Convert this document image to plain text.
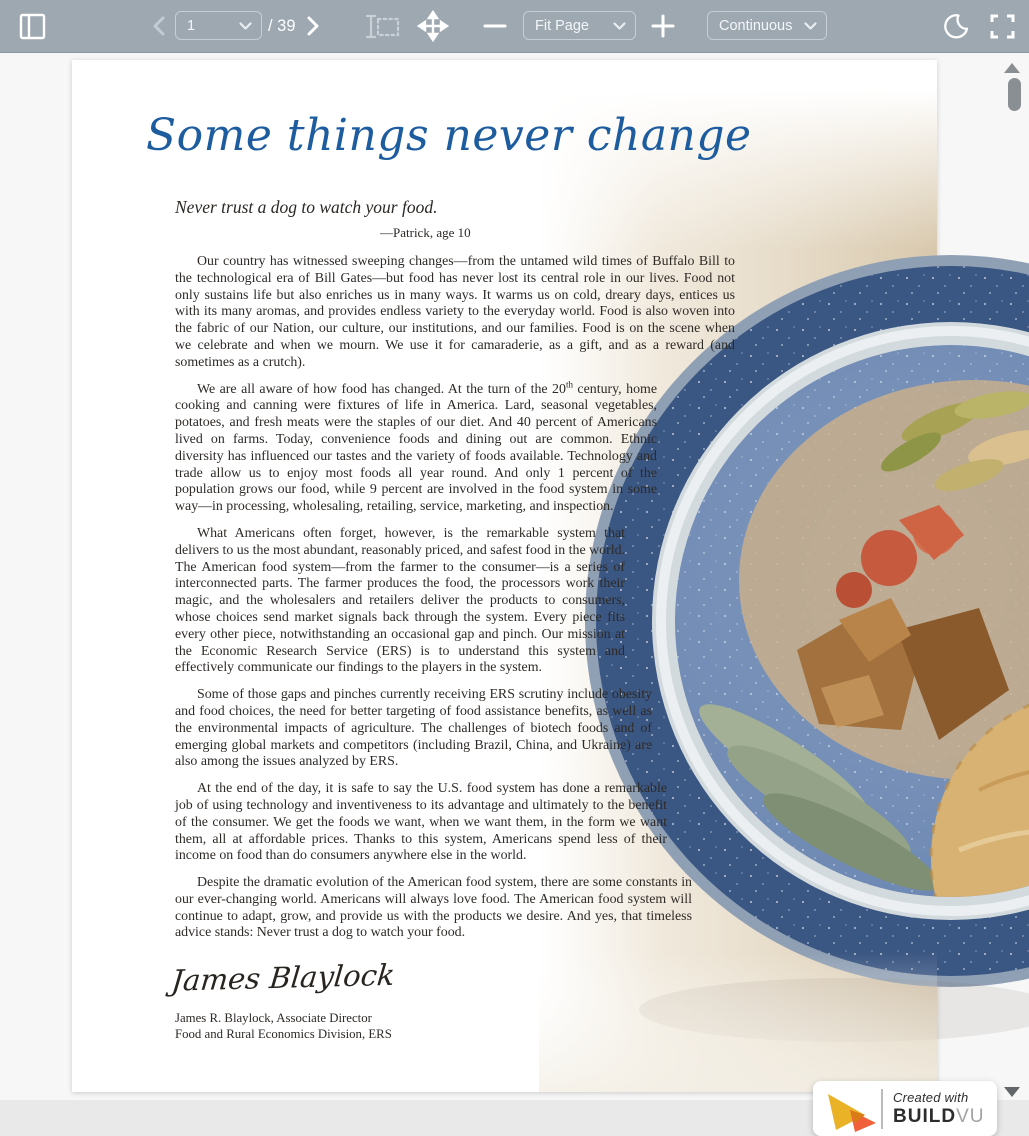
1	/ 39	Fit Page	Continuous
Some things never change
Never trust a dog to watch your food.
—Patrick, age 10

Our country has witnessed sweeping changes—from the untamed wild times of Buffalo Bill to the technological era of Bill Gates—but food has never lost its central role in our lives. Food not only sustains life but also enriches us in many ways. It warms us on cold, dreary days, entices us with its many aromas, and provides endless variety to the everyday world. Food is also woven into the fabric of our Nation, our culture, our institutions, and our families. Food is on the scene when we celebrate and when we mourn. We use it for camaraderie, as a gift, and as a reward (and sometimes as a crutch).

We are all aware of how food has changed. At the turn of the 20th century, home cooking and canning were fixtures of life in America. Lard, seasonal vegetables, potatoes, and fresh meats were the staples of our diet. And 40 percent of Americans lived on farms. Today, convenience foods and dining out are common. Ethnic diversity has influenced our tastes and the variety of foods available. Technology and trade allow us to enjoy most foods all year round. And only 1 percent of the population grows our food, while 9 percent are involved in the food system in some way—in processing, wholesaling, retailing, service, marketing, and inspection.

What Americans often forget, however, is the remarkable system that delivers to us the most abundant, reasonably priced, and safest food in the world. The American food system—from the farmer to the consumer—is a series of interconnected parts. The farmer produces the food, the processors work their magic, and the wholesalers and retailers deliver the products to consumers, whose choices send market signals back through the system. Every piece fits every other piece, notwithstanding an occasional gap and pinch. Our mission at the Economic Research Service (ERS) is to understand this system and effectively communicate our findings to the players in the system.

Some of those gaps and pinches currently receiving ERS scrutiny include obesity and food choices, the need for better targeting of food assistance benefits, as well as the environmental impacts of agriculture. The challenges of biotech foods and of emerging global markets and competitors (including Brazil, China, and Ukraine) are also among the issues analyzed by ERS.

At the end of the day, it is safe to say the U.S. food system has done a remarkable job of using technology and inventiveness to its advantage and ultimately to the benefit of the consumer. We get the foods we want, when we want them, in the form we want them, all at affordable prices. Thanks to this system, Americans spend less of their income on food than do consumers anywhere else in the world.

Despite the dramatic evolution of the American food system, there are some constants in our ever-changing world. Americans will always love food. The American food system will continue to adapt, grow, and provide us with the products we desire. And yes, that timeless advice stands: Never trust a dog to watch your food.

James Blaylock
James R. Blaylock, Associate Director
Food and Rural Economics Division, ERS
Created with
BUILDVU
